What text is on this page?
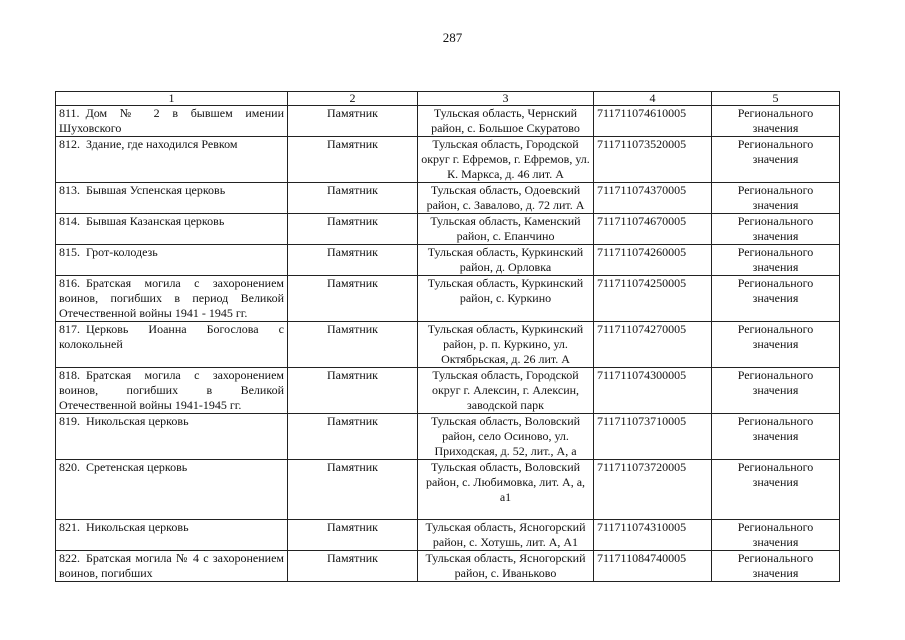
287
1	2	3	4	5
811. Дом № 2 в бывшем имении Шуховского	Памятник	Тульская область, Чернский район, с. Большое Скуратово	711711074610005	Регионального значения
812. Здание, где находился Ревком	Памятник	Тульская область, Городской округ г. Ефремов, г. Ефремов, ул. К. Маркса, д. 46 лит. А	711711073520005	Регионального значения
813. Бывшая Успенская церковь	Памятник	Тульская область, Одоевский район, с. Завалово, д. 72 лит. А	711711074370005	Регионального значения
814. Бывшая Казанская церковь	Памятник	Тульская область, Каменский район, с. Епанчино	711711074670005	Регионального значения
815. Грот-колодезь	Памятник	Тульская область, Куркинский район, д. Орловка	711711074260005	Регионального значения
816. Братская могила с захоронением воинов, погибших в период Великой Отечественной войны 1941 - 1945 гг.	Памятник	Тульская область, Куркинский район, с. Куркино	711711074250005	Регионального значения
817. Церковь Иоанна Богослова с колокольней	Памятник	Тульская область, Куркинский район, р. п. Куркино, ул. Октябрьская, д. 26 лит. А	711711074270005	Регионального значения
818. Братская могила с захоронением воинов, погибших в Великой Отечественной войны 1941-1945 гг.	Памятник	Тульская область, Городской округ г. Алексин, г. Алексин, заводской парк	711711074300005	Регионального значения
819. Никольская церковь	Памятник	Тульская область, Воловский район, село Осиново, ул. Приходская, д. 52, лит., А, а	711711073710005	Регионального значения
820. Сретенская церковь	Памятник	Тульская область, Воловский район, с. Любимовка, лит. А, а, а1	711711073720005	Регионального значения
821. Никольская церковь	Памятник	Тульская область, Ясногорский район, с. Хотушь, лит. А, А1	711711074310005	Регионального значения
822. Братская могила № 4 с захоронением воинов, погибших	Памятник	Тульская область, Ясногорский район, с. Иваньково	711711084740005	Регионального значения
